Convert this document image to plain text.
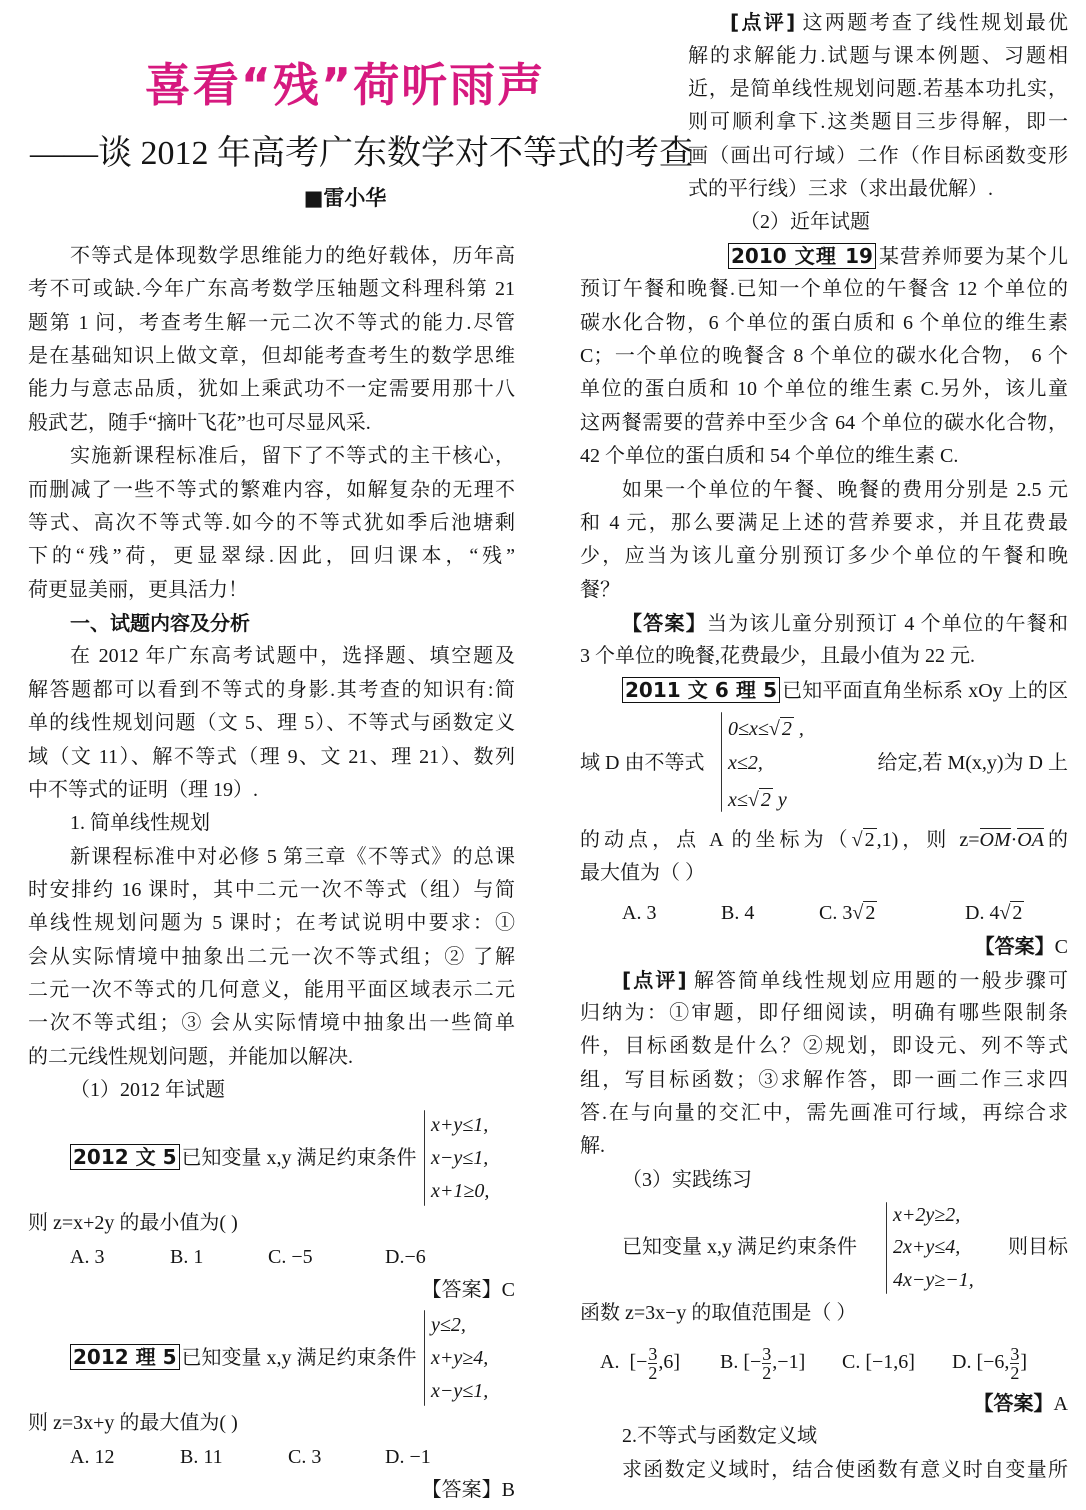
喜看“残”荷听雨声
——谈 2012 年高考广东数学对不等式的考查
■雷小华
不等式是体现数学思维能力的绝好载体，历年高
考不可或缺.今年广东高考数学压轴题文科理科第 21
题第 1 问，考查考生解一元二次不等式的能力.尽管
是在基础知识上做文章，但却能考查考生的数学思维
能力与意志品质，犹如上乘武功不一定需要用那十八
般武艺，随手“摘叶飞花”也可尽显风采.
实施新课程标准后，留下了不等式的主干核心，
而删减了一些不等式的繁难内容，如解复杂的无理不
等式、高次不等式等.如今的不等式犹如季后池塘剩
下的“残”荷，更显翠绿.因此，回归课本，“残”
荷更显美丽，更具活力！
一、试题内容及分析
在 2012 年广东高考试题中，选择题、填空题及
解答题都可以看到不等式的身影.其考查的知识有:简
单的线性规划问题（文 5、理 5）、不等式与函数定义
域（文 11）、解不等式（理 9、文 21、理 21）、数列
中不等式的证明（理 19）.
1. 简单线性规划
新课程标准中对必修 5 第三章《不等式》的总课
时安排约 16 课时，其中二元一次不等式（组）与简
单线性规划问题为 5 课时；在考试说明中要求：①
会从实际情境中抽象出二元一次不等式组；② 了解
二元一次不等式的几何意义，能用平面区域表示二元
一次不等式组；③ 会从实际情境中抽象出一些简单
的二元线性规划问题，并能加以解决.
（1）2012 年试题
解的求解能力.试题与课本例题、习题相
近，是简单线性规划问题.若基本功扎实，
则可顺利拿下.这类题目三步得解，即一
画（画出可行域）二作（作目标函数变形
式的平行线）三求（求出最优解）.
（2）近年试题
预订午餐和晚餐.已知一个单位的午餐含 12 个单位的
碳水化合物，6 个单位的蛋白质和 6 个单位的维生素
C；一个单位的晚餐含 8 个单位的碳水化合物， 6 个
单位的蛋白质和 10 个单位的维生素 C.另外，该儿童
这两餐需要的营养中至少含 64 个单位的碳水化合物，
42 个单位的蛋白质和 54 个单位的维生素 C.
如果一个单位的午餐、晚餐的费用分别是 2.5 元
和 4 元，那么要满足上述的营养要求，并且花费最
少，应当为该儿童分别预订多少个单位的午餐和晚
餐？
3 个单位的晚餐,花费最少，且最小值为 22 元.
最大值为（ ）
归纳为：①审题，即仔细阅读，明确有哪些限制条
件，目标函数是什么？②规划，即设元、列不等式
组，写目标函数；③求解作答，即一画二作三求四
答.在与向量的交汇中，需先画准可行域，再综合求
解.
（3）实践练习
函数 z=3x−y 的取值范围是（ ）
2.不等式与函数定义域
求函数定义域时，结合使函数有意义时自变量所
2012 文 5 已知变量 x,y 满足约束条件
x+y≤1,
x−y≤1,
x+1≥0,
则 z=x+2y 的最小值为( )
A. 3	B. 1	C. −5	D.−6
【答案】C
2012 理 5 已知变量 x,y 满足约束条件
y≤2,
x+y≥4,
x−y≤1,
则 z=3x+y 的最大值为( )
A. 12	B. 11	C. 3	D. −1
【答案】B
[点评] 这两题考查了线性规划最优
2010 文理 19 某营养师要为某个儿
【答案】当为该儿童分别预订 4 个单位的午餐和
2011 文 6 理 5 已知平面直角坐标系 xOy 上的区
域 D 由不等式
0≤x≤√ 2 ,
x≤2,
x≤√ 2 y
给定,若 M(x,y)为 D 上
的动点，点 A 的坐标为（√ 2 ,1)，则 z=OM·OA的
A. 3	B. 4	C. 3√ 2	D. 4√ 2
【答案】C
[点评] 解答简单线性规划应用题的一般步骤可
已知变量 x,y 满足约束条件
x+2y≥2,
2x+y≤4,
4x−y≥−1,
则目标
A. [− $\frac{3}{2} ,6$] B. [− $\frac{3}{2} ,-1$] C. [−1,6] D. [−6, $\frac{3}{2}$ ]
【答案】A
